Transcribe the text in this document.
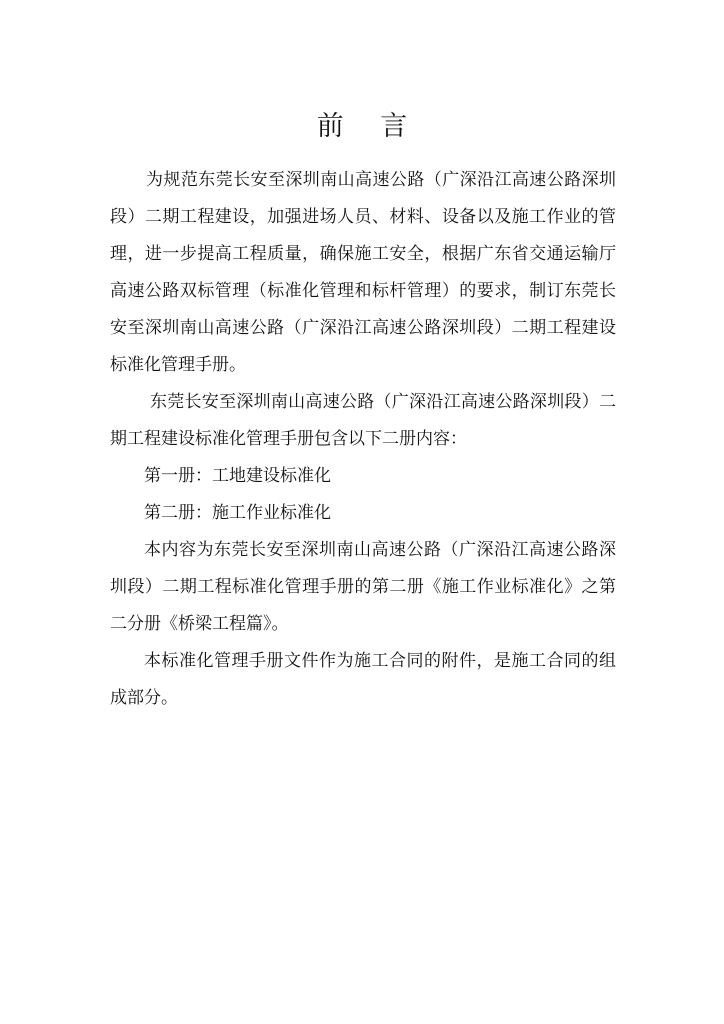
前 言

为规范东莞长安至深圳南山高速公路（广深沿江高速公路深圳段）二期工程建设，加强进场人员、材料、设备以及施工作业的管理，进一步提高工程质量，确保施工安全，根据广东省交通运输厅高速公路双标管理（标准化管理和标杆管理）的要求，制订东莞长安至深圳南山高速公路（广深沿江高速公路深圳段）二期工程建设标准化管理手册。

东莞长安至深圳南山高速公路（广深沿江高速公路深圳段）二期工程建设标准化管理手册包含以下二册内容：

第一册：工地建设标准化

第二册：施工作业标准化

本内容为东莞长安至深圳南山高速公路（广深沿江高速公路深圳段）二期工程标准化管理手册的第二册《施工作业标准化》之第二分册《桥梁工程篇》。

本标准化管理手册文件作为施工合同的附件，是施工合同的组成部分。
